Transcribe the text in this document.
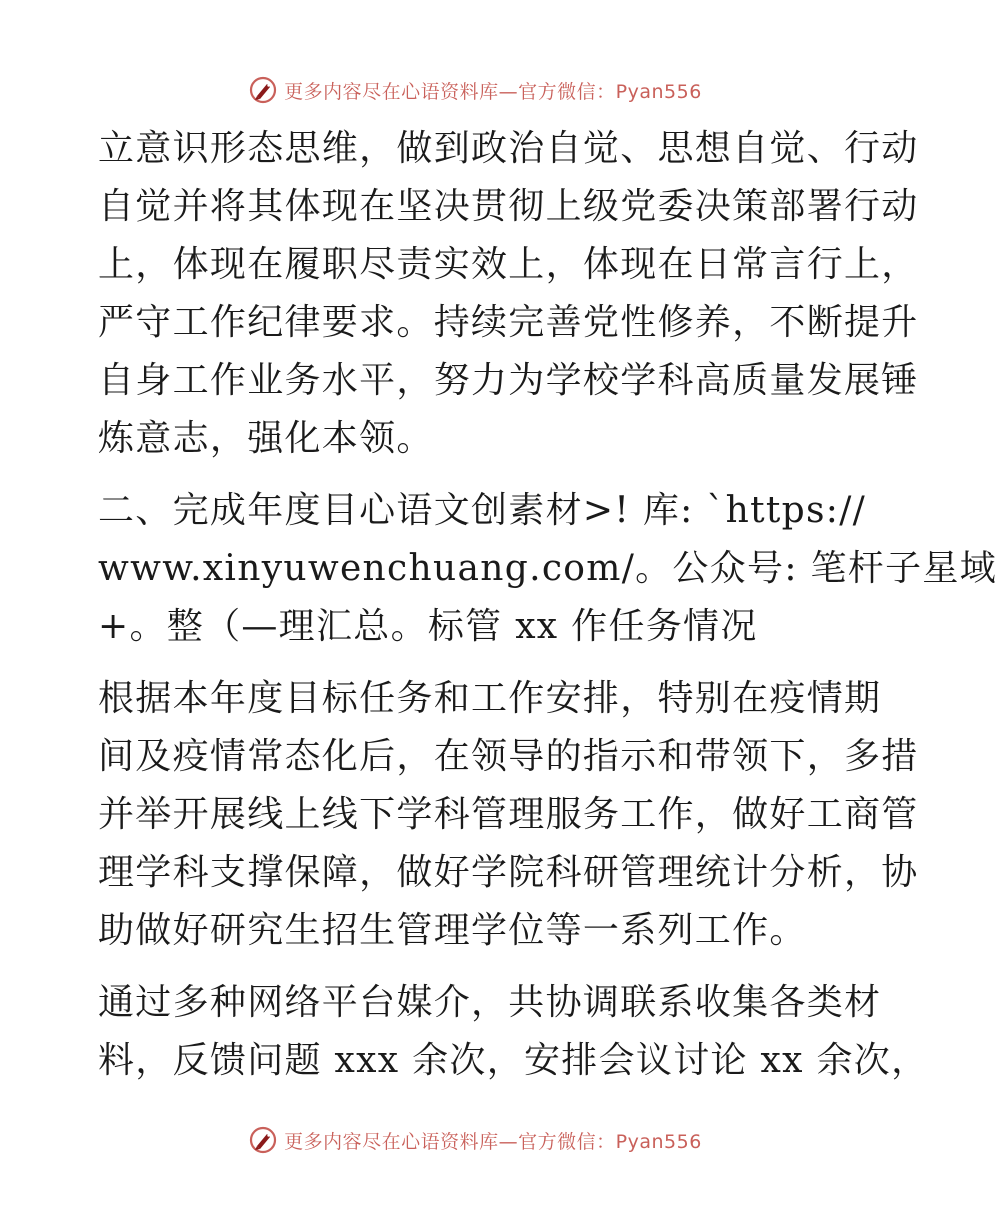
更多内容尽在心语资料库—官方微信：Pyan556

立意识形态思维，做到政治自觉、思想自觉、行动
自觉并将其体现在坚决贯彻上级党委决策部署行动
上，体现在履职尽责实效上，体现在日常言行上，
严守工作纪律要求。持续完善党性修养，不断提升
自身工作业务水平，努力为学校学科高质量发展锤
炼意志，强化本领。

二、完成年度目心语文创素材>! 库: `https://
www.xinyuwenchuang.com/。公众号: 笔杆子星域
+。整（—理汇总。标管 xx 作任务情况

根据本年度目标任务和工作安排，特别在疫情期
间及疫情常态化后，在领导的指示和带领下，多措
并举开展线上线下学科管理服务工作，做好工商管
理学科支撑保障，做好学院科研管理统计分析，协
助做好研究生招生管理学位等一系列工作。

通过多种网络平台媒介，共协调联系收集各类材
料，反馈问题 xxx 余次，安排会议讨论 xx 余次，

更多内容尽在心语资料库—官方微信：Pyan556
